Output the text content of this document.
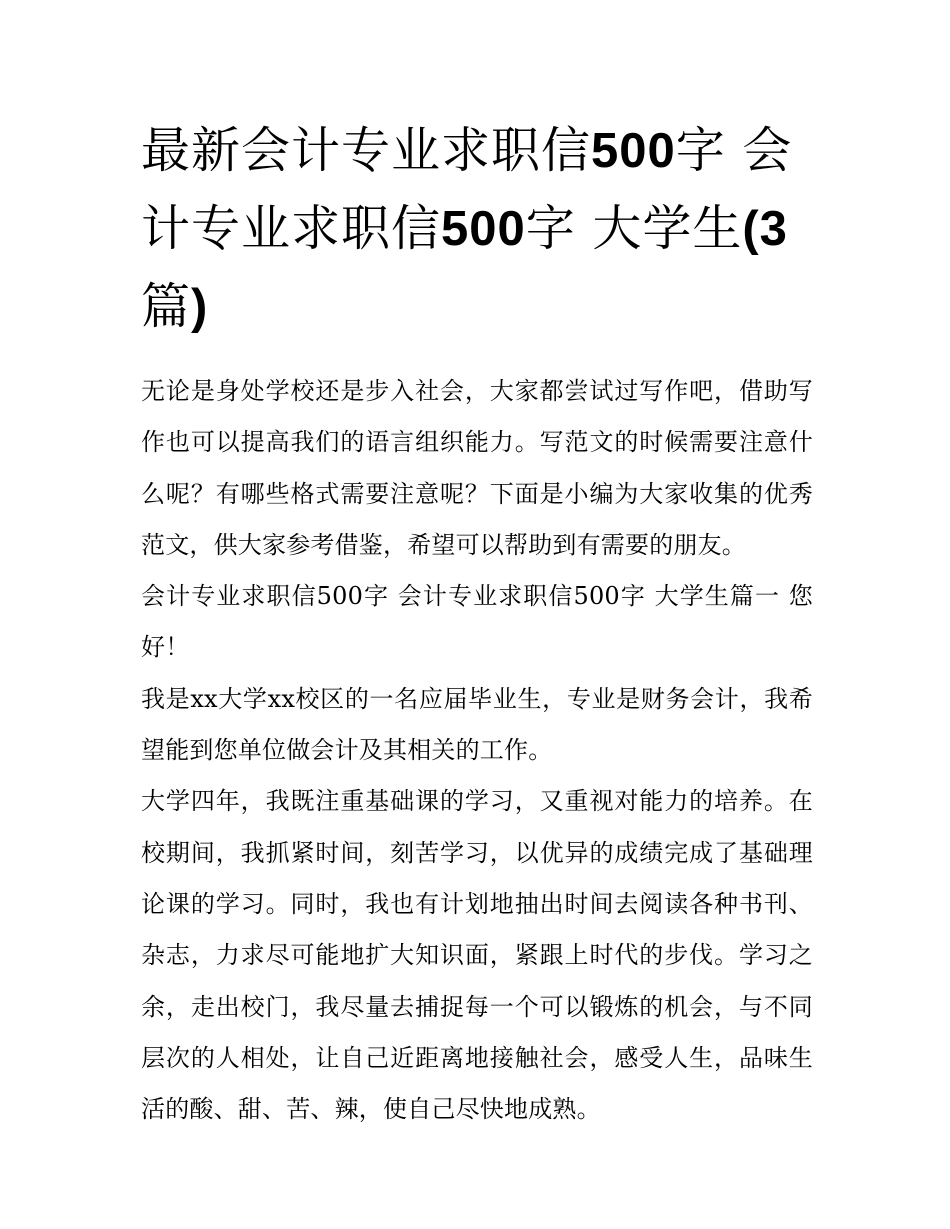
最新会计专业求职信500字 会计专业求职信500字 大学生(3篇)

无论是身处学校还是步入社会，大家都尝试过写作吧，借助写作也可以提高我们的语言组织能力。写范文的时候需要注意什么呢？有哪些格式需要注意呢？下面是小编为大家收集的优秀范文，供大家参考借鉴，希望可以帮助到有需要的朋友。

会计专业求职信500字 会计专业求职信500字 大学生篇一 您好！

我是xx大学xx校区的一名应届毕业生，专业是财务会计，我希望能到您单位做会计及其相关的工作。

大学四年，我既注重基础课的学习，又重视对能力的培养。在校期间，我抓紧时间，刻苦学习，以优异的成绩完成了基础理论课的学习。同时，我也有计划地抽出时间去阅读各种书刊、杂志，力求尽可能地扩大知识面，紧跟上时代的步伐。学习之余，走出校门，我尽量去捕捉每一个可以锻炼的机会，与不同层次的人相处，让自己近距离地接触社会，感受人生，品味生活的酸、甜、苦、辣，使自己尽快地成熟。
